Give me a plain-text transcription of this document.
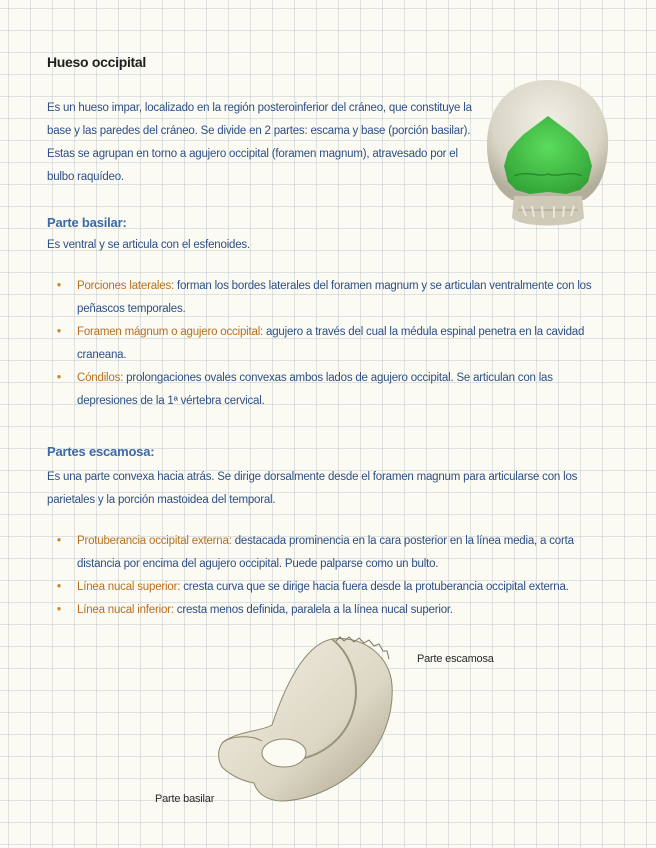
Hueso occipital
Es un hueso impar, localizado en la región posteroinferior del cráneo, que constituye la base y las paredes del cráneo. Se divide en 2 partes: escama y base (porción basilar). Estas se agrupan en torno a agujero occipital (foramen magnum), atravesado por el bulbo raquídeo.
Parte basilar:
Es ventral y se articula con el esfenoides.
• Porciones laterales: forman los bordes laterales del foramen magnum y se articulan ventralmente con los peñascos temporales.
• Foramen mágnum o agujero occipital: agujero a través del cual la médula espinal penetra en la cavidad craneana.
• Cóndilos: prolongaciones ovales convexas ambos lados de agujero occipital. Se articulan con las depresiones de la 1ª vértebra cervical.
Partes escamosa:
Es una parte convexa hacia atrás. Se dirige dorsalmente desde el foramen magnum para articularse con los parietales y la porción mastoidea del temporal.
• Protuberancia occipital externa: destacada prominencia en la cara posterior en la línea media, a corta distancia por encima del agujero occipital. Puede palparse como un bulto.
• Línea nucal superior: cresta curva que se dirige hacia fuera desde la protuberancia occipital externa.
• Línea nucal inferior: cresta menos definida, paralela a la línea nucal superior.
Parte escamosa
Parte basilar
